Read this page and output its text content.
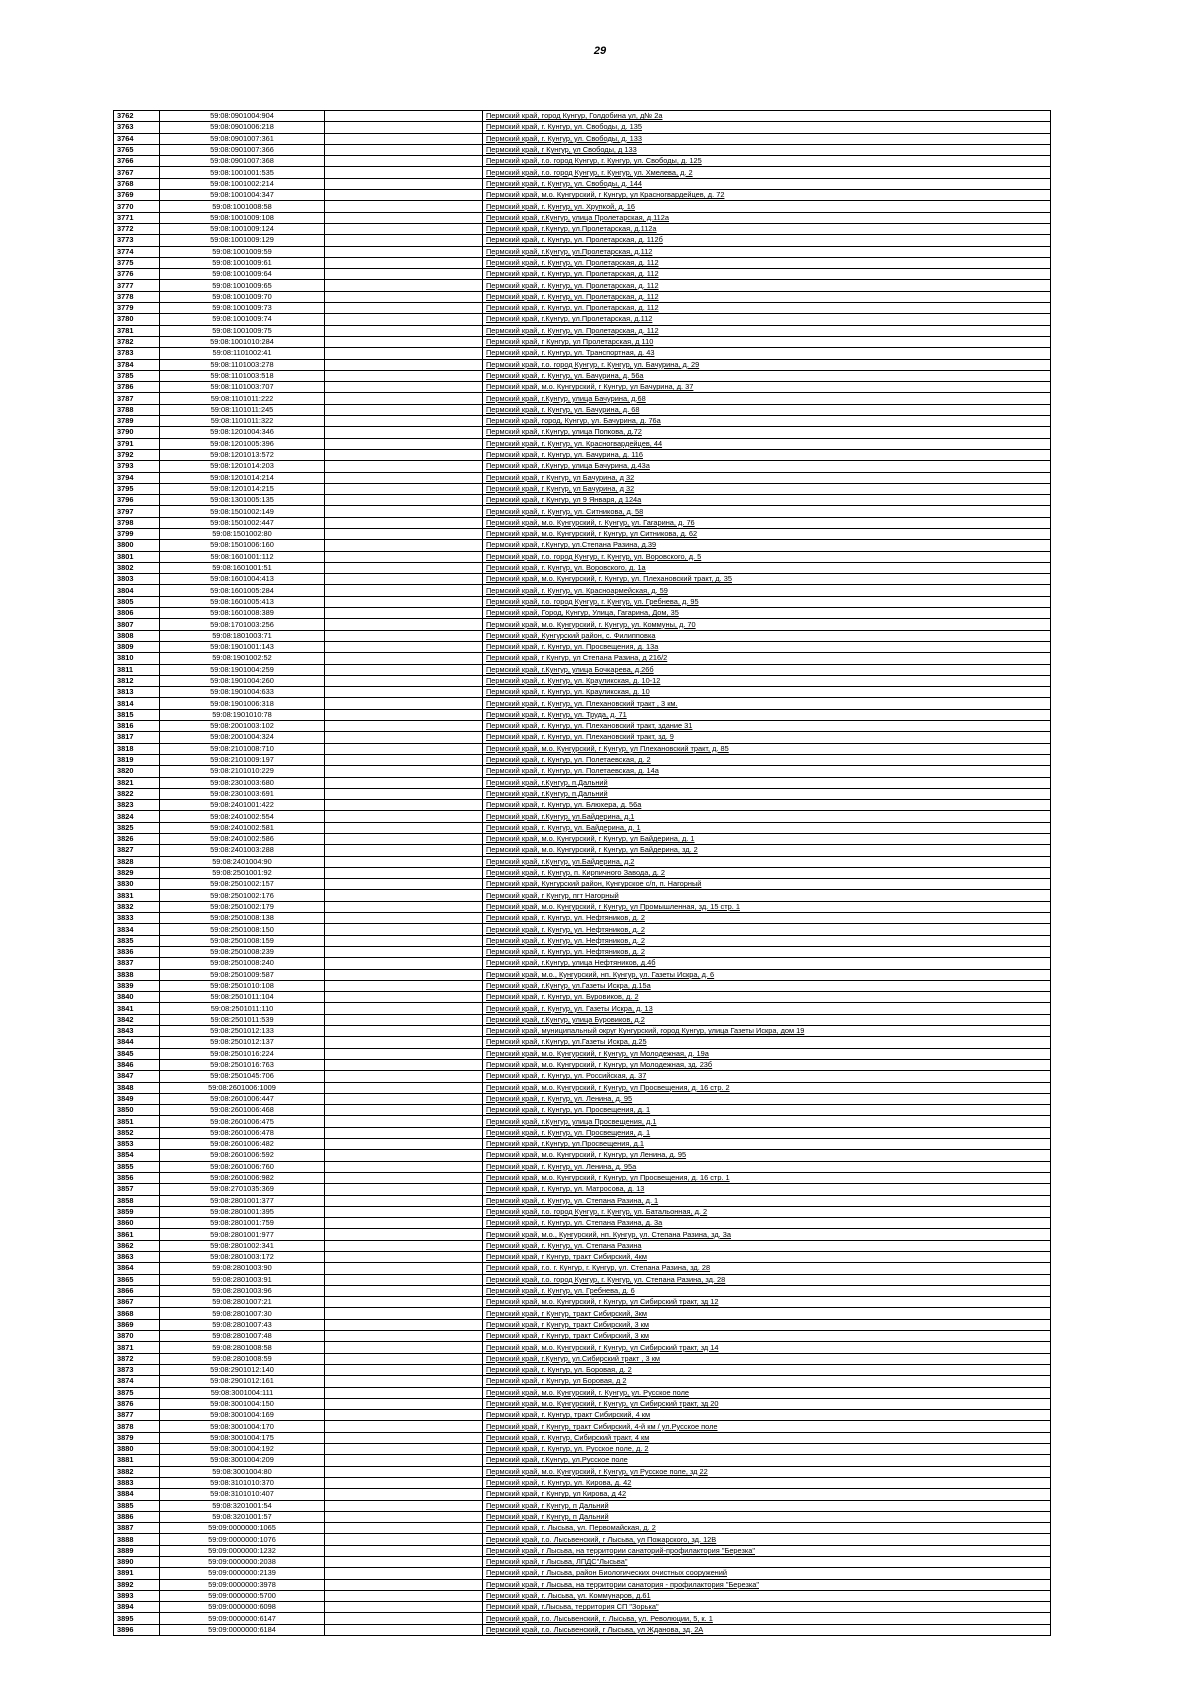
29
3762	59:08:0901004:904		Пермский край, город Кунгур, Голдобина ул, д№ 2а
3763	59:08:0901006:218		Пермский край, г. Кунгур, ул. Свободы, д. 135
3764	59:08:0901007:361		Пермский край, г. Кунгур, ул. Свободы, д. 133
3765	59:08:0901007:366		Пермский край, г Кунгур, ул Свободы, д 133
3766	59:08:0901007:368		Пермский край, г.о. город Кунгур, г. Кунгур, ул. Свободы, д. 125
3767	59:08:1001001:535		Пермский край, г.о. город Кунгур, г. Кунгур, ул. Хмелева, д. 2
3768	59:08:1001002:214		Пермский край, г. Кунгур, ул. Свободы, д. 144
3769	59:08:1001004:347		Пермский край, м.о. Кунгурский, г Кунгур, ул Красногвардейцев, д. 72
3770	59:08:1001008:58		Пермский край, г. Кунгур, ул. Хрупкой, д. 16
3771	59:08:1001009:108		Пермский край, г.Кунгур, улица Пролетарская, д.112а
3772	59:08:1001009:124		Пермский край, г.Кунгур, ул.Пролетарская, д.112а
3773	59:08:1001009:129		Пермский край, г. Кунгур, ул. Пролетарская, д. 112б
3774	59:08:1001009:59		Пермский край, г.Кунгур, ул.Пролетарская, д.112
3775	59:08:1001009:61		Пермский край, г. Кунгур, ул. Пролетарская, д. 112
3776	59:08:1001009:64		Пермский край, г. Кунгур, ул. Пролетарская, д. 112
3777	59:08:1001009:65		Пермский край, г. Кунгур, ул. Пролетарская, д. 112
3778	59:08:1001009:70		Пермский край, г. Кунгур, ул. Пролетарская, д. 112
3779	59:08:1001009:73		Пермский край, г. Кунгур, ул. Пролетарская, д. 112
3780	59:08:1001009:74		Пермский край, г.Кунгур, ул.Пролетарская, д.112
3781	59:08:1001009:75		Пермский край, г. Кунгур, ул. Пролетарская, д. 112
3782	59:08:1001010:284		Пермский край, г Кунгур, ул Пролетарская, д 110
3783	59:08:1101002:41		Пермский край, г. Кунгур, ул. Транспортная, д. 43
3784	59:08:1101003:278		Пермский край, г.о. город Кунгур, г. Кунгур, ул. Бачурина, д. 29
3785	59:08:1101003:518		Пермский край, г. Кунгур, ул. Бачурина, д. 56а
3786	59:08:1101003:707		Пермский край, м.о. Кунгурский, г Кунгур, ул Бачурина, д. 37
3787	59:08:1101011:222		Пермский край, г.Кунгур, улица Бачурина, д.68
3788	59:08:1101011:245		Пермский край, г. Кунгур, ул. Бачурина, д. 68
3789	59:08:1101011:322		Пермский край, город, Кунгур, ул. Бачурина, д. 76а
3790	59:08:1201004:346		Пермский край, г.Кунгур, улица Попкова, д.72
3791	59:08:1201005:396		Пермский край, г. Кунгур, ул. Красногвардейцев, 44
3792	59:08:1201013:572		Пермский край, г. Кунгур, ул. Бачурина, д. 116
3793	59:08:1201014:203		Пермский край, г.Кунгур, улица Бачурина, д.43а
3794	59:08:1201014:214		Пермский край, г Кунгур, ул Бачурина, д 32
3795	59:08:1201014:215		Пермский край, г Кунгур, ул Бачурина, д 32
3796	59:08:1301005:135		Пермский край, г Кунгур, ул 9 Января, д 124а
3797	59:08:1501002:149		Пермский край, г. Кунгур, ул. Ситникова, д. 58
3798	59:08:1501002:447		Пермский край, м.о. Кунгурский, г. Кунгур, ул. Гагарина, д. 76
3799	59:08:1501002:80		Пермский край, м.о. Кунгурский, г Кунгур, ул Ситникова, д. 62
3800	59:08:1501006:160		Пермский край, г.Кунгур, ул.Степана Разина, д.39
3801	59:08:1601001:112		Пермский край, г.о. город Кунгур, г. Кунгур, ул. Воровского, д. 5
3802	59:08:1601001:51		Пермский край, г. Кунгур, ул. Воровского, д. 1а
3803	59:08:1601004:413		Пермский край, м.о. Кунгурский, г. Кунгур, ул. Плехановский тракт, д. 35
3804	59:08:1601005:284		Пермский край, г. Кунгур, ул. Красноармейская, д. 59
3805	59:08:1601005:413		Пермский край, г.о. город Кунгур, г. Кунгур, ул. Гребнева, д. 95
3806	59:08:1601008:389		Пермский край, Город, Кунгур, Улица, Гагарина, Дом, 35
3807	59:08:1701003:256		Пермский край, м.о. Кунгурский, г. Кунгур, ул. Коммуны, д. 70
3808	59:08:1801003:71		Пермский край, Кунгурский район, с. Филипповка
3809	59:08:1901001:143		Пермский край, г. Кунгур, ул. Просвещения, д. 13а
3810	59:08:1901002:52		Пермский край, г Кунгур, ул Степана Разина, д 216/2
3811	59:08:1901004:259		Пермский край, г.Кунгур, улица Бочкарева, д.26б
3812	59:08:1901004:260		Пермский край, г. Кунгур, ул. Крауликская, д. 10-12
3813	59:08:1901004:633		Пермский край, г. Кунгур, ул. Крауликская, д. 10
3814	59:08:1901006:318		Пермский край, г. Кунгур, ул. Плехановский тракт , 3 км.
3815	59:08:1901010:78		Пермский край, г. Кунгур, ул. Труда, д. 71
3816	59:08:2001003:102		Пермский край, г. Кунгур, ул. Плехановский тракт, здание 31
3817	59:08:2001004:324		Пермский край, г. Кунгур, ул. Плехановский тракт, зд. 9
3818	59:08:2101008:710		Пермский край, м.о. Кунгурский, г Кунгур, ул Плехановский тракт, д. 85
3819	59:08:2101009:197		Пермский край, г. Кунгур, ул. Полетаевская, д. 2
3820	59:08:2101010:229		Пермский край, г. Кунгур, ул. Полетаевская, д. 14а
3821	59:08:2301003:680		Пермский край, г.Кунгур, п.Дальний
3822	59:08:2301003:691		Пермский край, г.Кунгур, п.Дальний
3823	59:08:2401001:422		Пермский край, г. Кунгур, ул. Блюхера, д. 56а
3824	59:08:2401002:554		Пермский край, г.Кунгур, ул.Байдерина, д.1
3825	59:08:2401002:581		Пермский край, г. Кунгур, ул. Байдерина, д. 1
3826	59:08:2401002:586		Пермский край, м.о. Кунгурский, г Кунгур, ул Байдерина, д. 1
3827	59:08:2401003:288		Пермский край, м.о. Кунгурский, г Кунгур, ул Байдерина, зд. 2
3828	59:08:2401004:90		Пермский край, г.Кунгур, ул.Байдерина, д.2
3829	59:08:2501001:92		Пермский край, г. Кунгур, п. Кирпичного Завода, д. 2
3830	59:08:2501002:157		Пермский край, Кунгурский район, Кунгурское с/п, п. Нагорный
3831	59:08:2501002:176		Пермский край, г Кунгур, пгт Нагорный
3832	59:08:2501002:179		Пермский край, м.о. Кунгурский, г Кунгур, ул Промышленная, зд. 15 стр. 1
3833	59:08:2501008:138		Пермский край, г. Кунгур, ул. Нефтяников, д. 2
3834	59:08:2501008:150		Пермский край, г. Кунгур, ул. Нефтяников, д. 2
3835	59:08:2501008:159		Пермский край, г. Кунгур, ул. Нефтяников, д. 2
3836	59:08:2501008:239		Пермский край, г. Кунгур, ул. Нефтяников, д. 2
3837	59:08:2501008:240		Пермский край, г.Кунгур, улица Нефтяников, д.4б
3838	59:08:2501009:587		Пермский край, м.о., Кунгурский, нп. Кунгур, ул. Газеты Искра, д. 6
3839	59:08:2501010:108		Пермский край, г.Кунгур, ул.Газеты Искра, д.15а
3840	59:08:2501011:104		Пермский край, г. Кунгур, ул. Буровиков, д. 2
3841	59:08:2501011:110		Пермский край, г. Кунгур, ул. Газеты Искра, д. 13
3842	59:08:2501011:539		Пермский край, г.Кунгур, улица Буровиков, д.2
3843	59:08:2501012:133		Пермский край, муниципальный округ Кунгурский, город Кунгур, улица Газеты Искра, дом 19
3844	59:08:2501012:137		Пермский край, г.Кунгур, ул.Газеты Искра, д.25
3845	59:08:2501016:224		Пермский край, м.о. Кунгурский, г Кунгур, ул Молодежная, д. 19а
3846	59:08:2501016:763		Пермский край, м.о. Кунгурский, г Кунгур, ул Молодежная, зд. 23б
3847	59:08:2501045:706		Пермский край, г. Кунгур, ул. Российская, д. 37
3848	59:08:2601006:1009		Пермский край, м.о. Кунгурский, г Кунгур, ул Просвещения, д. 16 стр. 2
3849	59:08:2601006:447		Пермский край, г. Кунгур, ул. Ленина, д. 95
3850	59:08:2601006:468		Пермский край, г. Кунгур, ул. Просвещения, д. 1
3851	59:08:2601006:475		Пермский край, г.Кунгур, улица Просвещения, д.1
3852	59:08:2601006:478		Пермский край, г. Кунгур, ул. Просвещения, д. 1
3853	59:08:2601006:482		Пермский край, г.Кунгур, ул.Просвещения, д.1
3854	59:08:2601006:592		Пермский край, м.о. Кунгурский, г Кунгур, ул Ленина, д. 95
3855	59:08:2601006:760		Пермский край, г. Кунгур, ул. Ленина, д. 95а
3856	59:08:2601006:982		Пермский край, м.о. Кунгурский, г Кунгур, ул Просвещения, д. 16 стр. 1
3857	59:08:2701035:369		Пермский край, г. Кунгур, ул. Матросова, д. 13
3858	59:08:2801001:377		Пермский край, г. Кунгур, ул. Степана Разина, д. 1
3859	59:08:2801001:395		Пермский край, г.о. город Кунгур, г. Кунгур, ул. Батальонная, д. 2
3860	59:08:2801001:759		Пермский край, г. Кунгур, ул. Степана Разина, д. 3а
3861	59:08:2801001:977		Пермский край, м.о., Кунгурский, нп. Кунгур, ул. Степана Разина, зд. 3а
3862	59:08:2801002:341		Пермский край, г. Кунгур, ул. Степана Разина
3863	59:08:2801003:172		Пермский край, г Кунгур, тракт Сибирский, 4км
3864	59:08:2801003:90		Пермский край, г.о. г. Кунгур, г. Кунгур, ул. Степана Разина, зд. 28
3865	59:08:2801003:91		Пермский край, г.о. город Кунгур, г. Кунгур, ул. Степана Разина, зд. 28
3866	59:08:2801003:96		Пермский край, г. Кунгур, ул. Гребнева, д. 6
3867	59:08:2801007:21		Пермский край, м.о. Кунгурский, г Кунгур, ул Сибирский тракт, зд 12
3868	59:08:2801007:30		Пермский край, г Кунгур, тракт Сибирский, 3км
3869	59:08:2801007:43		Пермский край, г Кунгур, тракт Сибирский, 3 км
3870	59:08:2801007:48		Пермский край, г Кунгур, тракт Сибирский, 3 км
3871	59:08:2801008:58		Пермский край, м.о. Кунгурский, г Кунгур, ул Сибирский тракт, зд 14
3872	59:08:2801008:59		Пермский край, г.Кунгур, ул.Сибирский тракт , 3 км
3873	59:08:2901012:140		Пермский край, г. Кунгур, ул. Боровая, д. 2
3874	59:08:2901012:161		Пермский край, г Кунгур, ул Боровая, д 2
3875	59:08:3001004:111		Пермский край, м.о. Кунгурский, г. Кунгур, ул. Русское поле
3876	59:08:3001004:150		Пермский край, м.о. Кунгурский, г Кунгур, ул Сибирский тракт, зд 20
3877	59:08:3001004:169		Пермский край, г. Кунгур, тракт Сибирский, 4 км
3878	59:08:3001004:170		Пермский край, г Кунгур, тракт Сибирский, 4-й км / ул.Русское поле
3879	59:08:3001004:175		Пермский край, г. Кунгур, Сибирский тракт, 4 км
3880	59:08:3001004:192		Пермский край, г. Кунгур, ул. Русское поле, д. 2
3881	59:08:3001004:209		Пермский край, г.Кунгур, ул.Русское поле
3882	59:08:3001004:80		Пермский край, м.о. Кунгурский, г Кунгур, ул Русское поле, зд 22
3883	59:08:3101010:370		Пермский край, г. Кунгур, ул. Кирова, д. 42
3884	59:08:3101010:407		Пермский край, г Кунгур, ул Кирова, д 42
3885	59:08:3201001:54		Пермский край, г Кунгур, п Дальний
3886	59:08:3201001:57		Пермский край, г Кунгур, п Дальний
3887	59:09:0000000:1065		Пермский край, г. Лысьва, ул. Первомайская, д. 2
3888	59:09:0000000:1076		Пермский край, г.о. Лысьвенский, г Лысьва, ул Пожарского, зд. 12В
3889	59:09:0000000:1232		Пермский край, г Лысьва, на территории санаторий-профилактория "Березка"
3890	59:09:0000000:2038		Пермский край, г Лысьва, ЛПДС"Лысьва"
3891	59:09:0000000:2139		Пермский край, г Лысьва, район Биологических очистных сооружений
3892	59:09:0000000:3978		Пермский край, г Лысьва, на территории санатория - профилактория "Березка"
3893	59:09:0000000:5700		Пермский край, г. Лысьва, ул. Коммунаров, д.61
3894	59:09:0000000:6098		Пермский край, г.Лысьва, территория СП "Зорька"
3895	59:09:0000000:6147		Пермский край, г.о. Лысьвенский, г. Лысьва, ул. Революции, 5, к. 1
3896	59:09:0000000:6184		Пермский край, г.о. Лысьвенский, г Лысьва, ул Жданова, зд. 2А
